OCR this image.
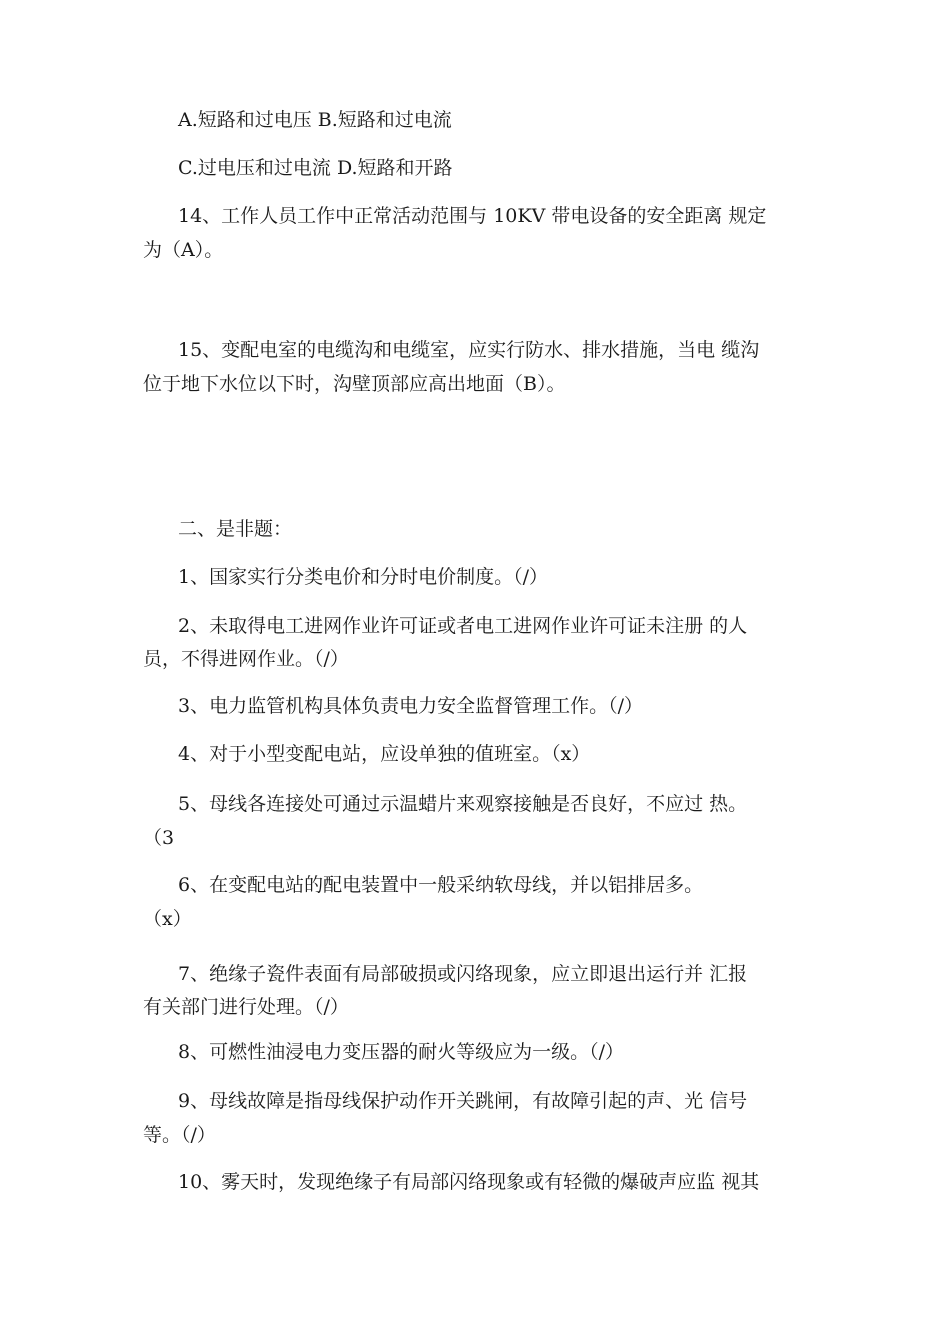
A.短路和过电压 B.短路和过电流
C.过电压和过电流 D.短路和开路
14、工作人员工作中正常活动范围与 10KV 带电设备的安全距离 规定
为（A）。
15、变配电室的电缆沟和电缆室，应实行防水、排水措施，当电 缆沟
位于地下水位以下时，沟壁顶部应高出地面（B）。
二、是非题：
1、国家实行分类电价和分时电价制度。（/）
2、未取得电工进网作业许可证或者电工进网作业许可证未注册 的人
员，不得进网作业。（/）
3、电力监管机构具体负责电力安全监督管理工作。（/）
4、对于小型变配电站，应设单独的值班室。（x）
5、母线各连接处可通过示温蜡片来观察接触是否良好，不应过 热。
（3
6、在变配电站的配电装置中一般采纳软母线，并以铝排居多。
（x）
7、绝缘子瓷件表面有局部破损或闪络现象，应立即退出运行并 汇报
有关部门进行处理。（/）
8、可燃性油浸电力变压器的耐火等级应为一级。（/）
9、母线故障是指母线保护动作开关跳闸，有故障引起的声、光 信号
等。（/）
10、雾天时，发现绝缘子有局部闪络现象或有轻微的爆破声应监 视其
